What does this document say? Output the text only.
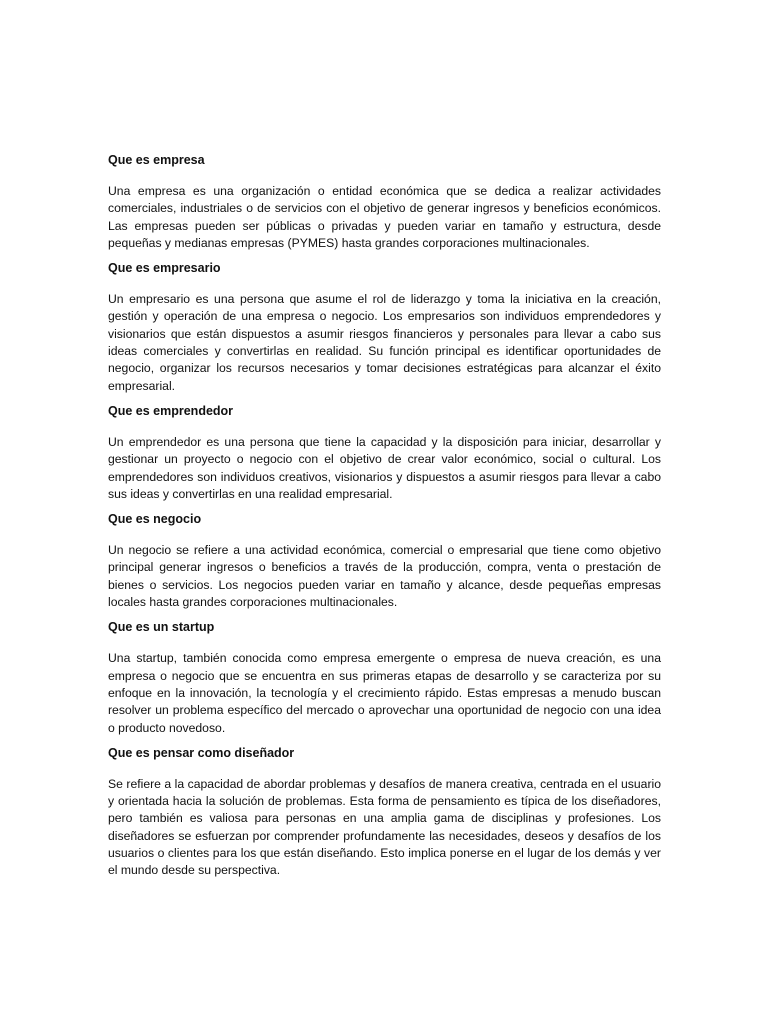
Que es empresa

Una empresa es una organización o entidad económica que se dedica a realizar actividades comerciales, industriales o de servicios con el objetivo de generar ingresos y beneficios económicos. Las empresas pueden ser públicas o privadas y pueden variar en tamaño y estructura, desde pequeñas y medianas empresas (PYMES) hasta grandes corporaciones multinacionales.

Que es empresario

Un empresario es una persona que asume el rol de liderazgo y toma la iniciativa en la creación, gestión y operación de una empresa o negocio. Los empresarios son individuos emprendedores y visionarios que están dispuestos a asumir riesgos financieros y personales para llevar a cabo sus ideas comerciales y convertirlas en realidad. Su función principal es identificar oportunidades de negocio, organizar los recursos necesarios y tomar decisiones estratégicas para alcanzar el éxito empresarial.

Que es emprendedor

Un emprendedor es una persona que tiene la capacidad y la disposición para iniciar, desarrollar y gestionar un proyecto o negocio con el objetivo de crear valor económico, social o cultural. Los emprendedores son individuos creativos, visionarios y dispuestos a asumir riesgos para llevar a cabo sus ideas y convertirlas en una realidad empresarial.

Que es negocio

Un negocio se refiere a una actividad económica, comercial o empresarial que tiene como objetivo principal generar ingresos o beneficios a través de la producción, compra, venta o prestación de bienes o servicios. Los negocios pueden variar en tamaño y alcance, desde pequeñas empresas locales hasta grandes corporaciones multinacionales.

Que es un startup

Una startup, también conocida como empresa emergente o empresa de nueva creación, es una empresa o negocio que se encuentra en sus primeras etapas de desarrollo y se caracteriza por su enfoque en la innovación, la tecnología y el crecimiento rápido. Estas empresas a menudo buscan resolver un problema específico del mercado o aprovechar una oportunidad de negocio con una idea o producto novedoso.

Que es pensar como diseñador

Se refiere a la capacidad de abordar problemas y desafíos de manera creativa, centrada en el usuario y orientada hacia la solución de problemas. Esta forma de pensamiento es típica de los diseñadores, pero también es valiosa para personas en una amplia gama de disciplinas y profesiones. Los diseñadores se esfuerzan por comprender profundamente las necesidades, deseos y desafíos de los usuarios o clientes para los que están diseñando. Esto implica ponerse en el lugar de los demás y ver el mundo desde su perspectiva.
